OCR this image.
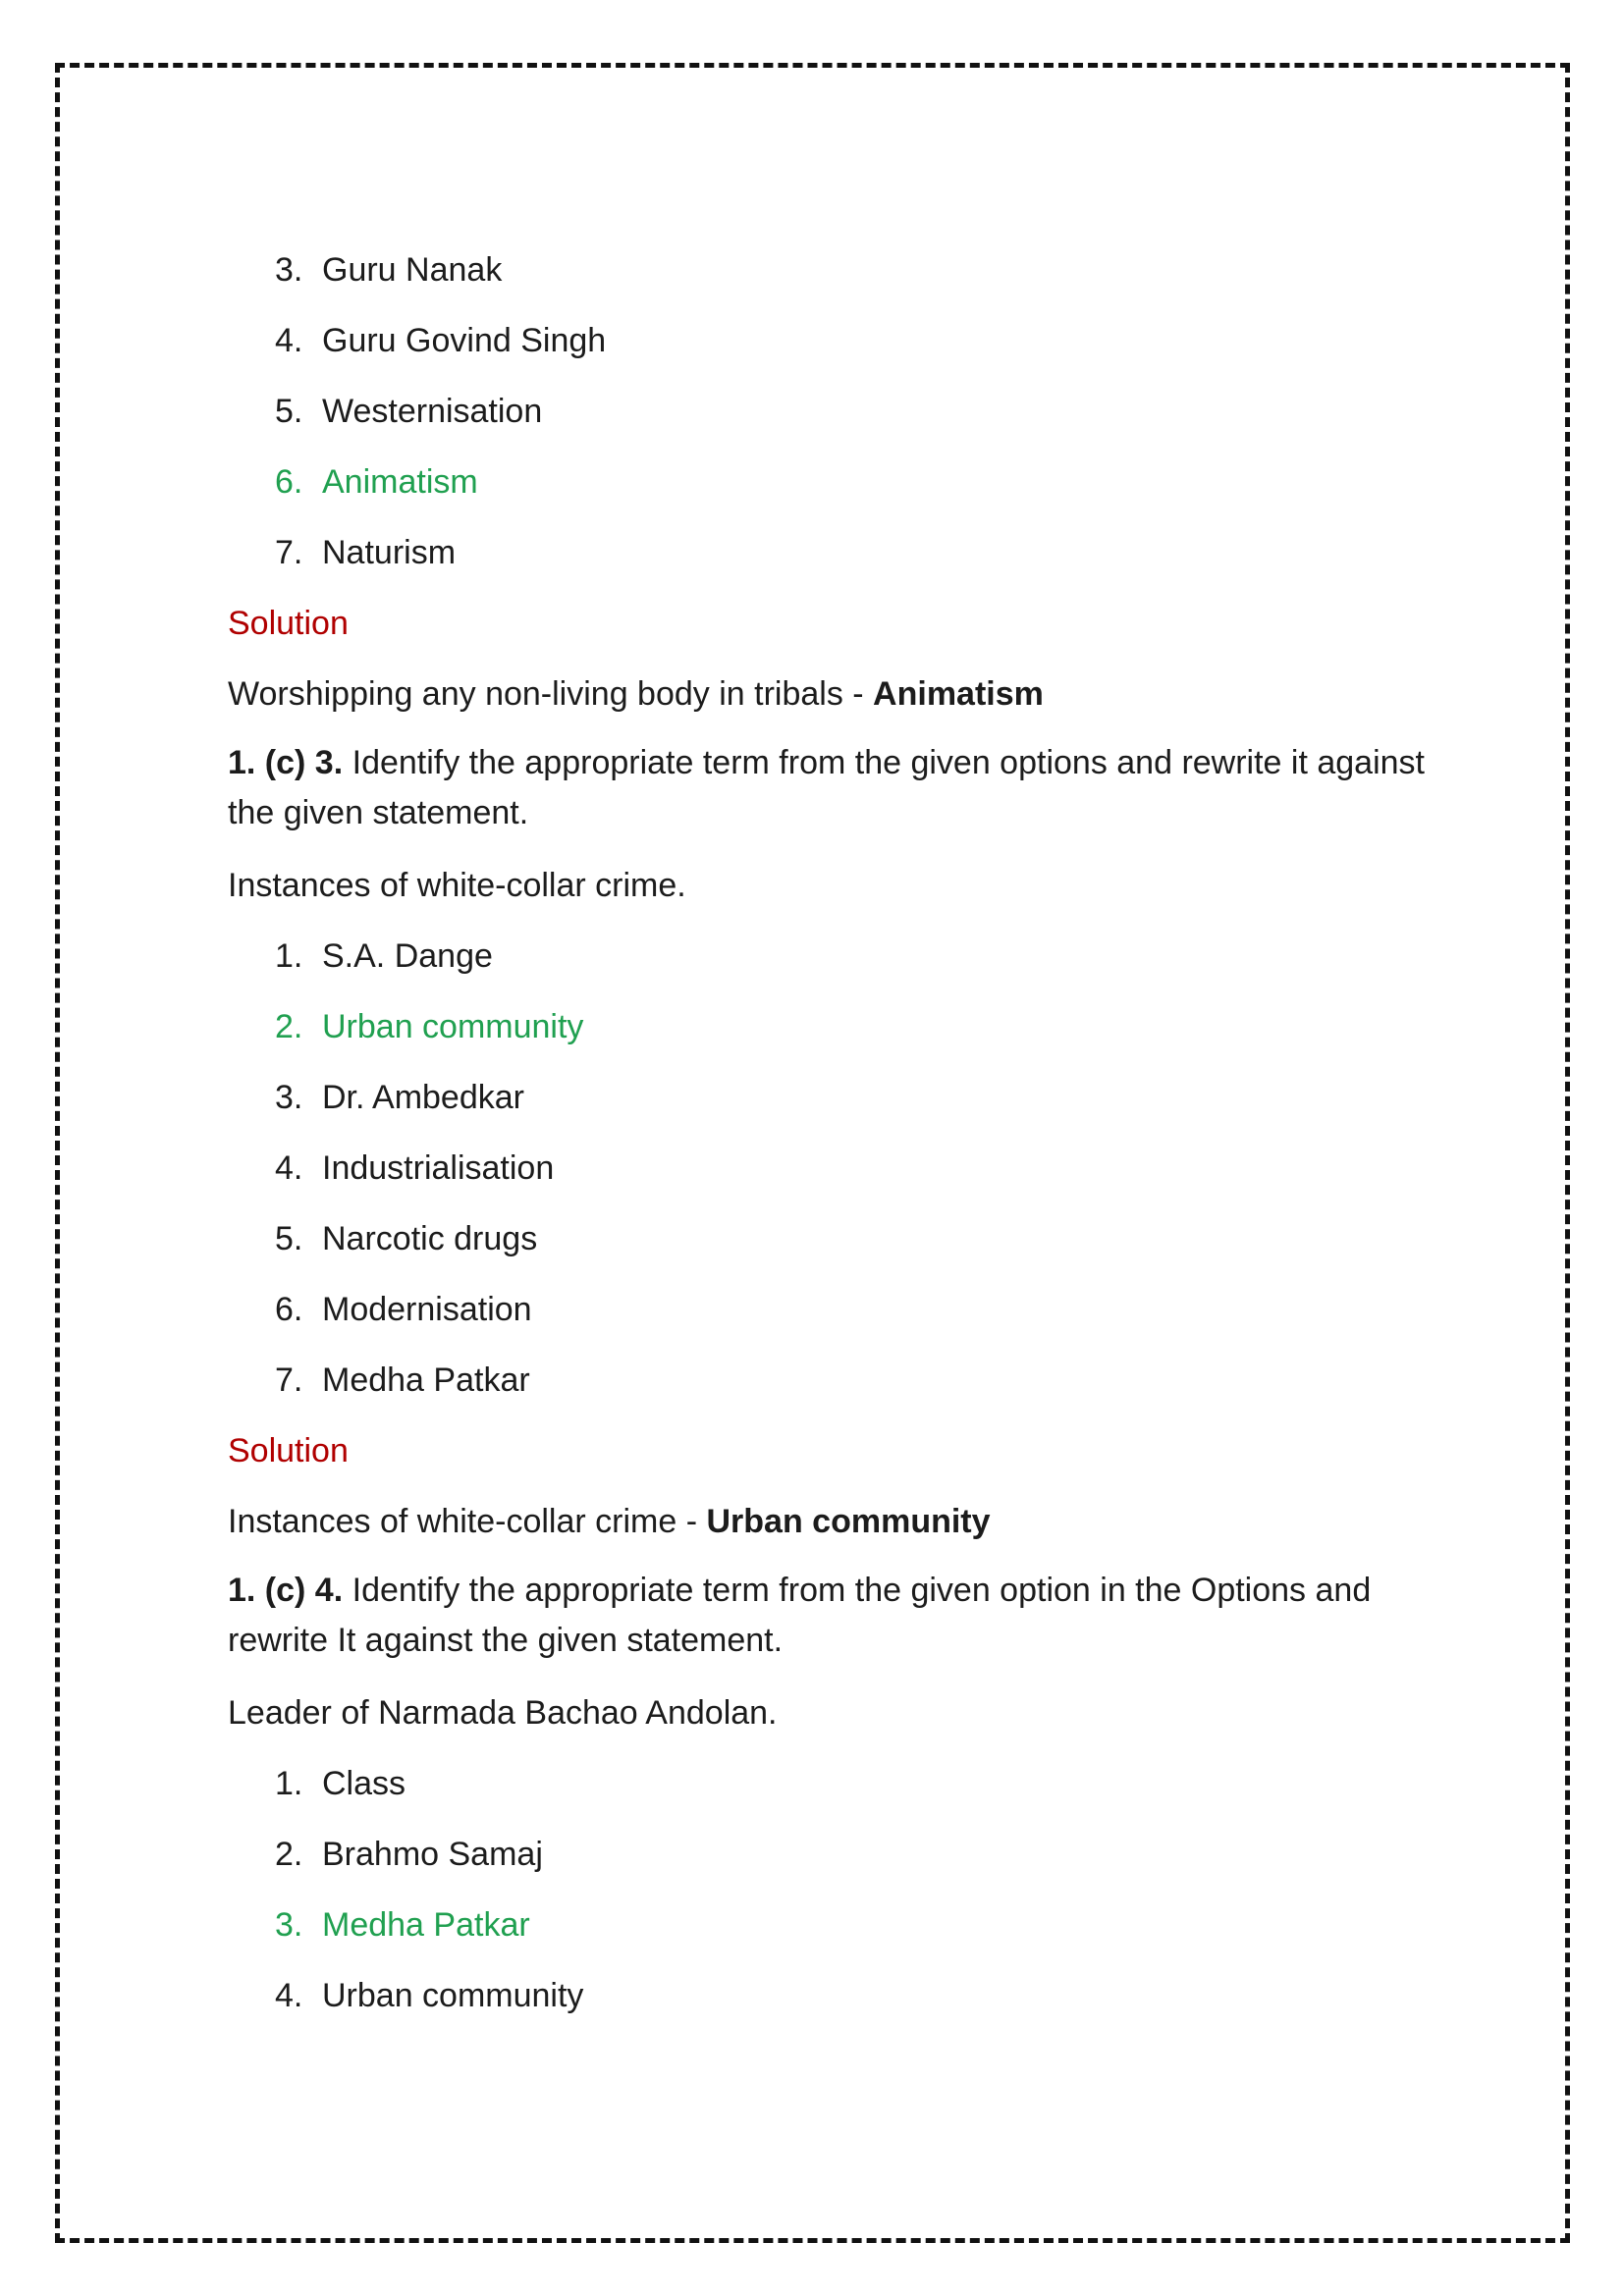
3. Guru Nanak
4. Guru Govind Singh
5. Westernisation
6. Animatism
7. Naturism
Solution
Worshipping any non-living body in tribals - Animatism

1. (c) 3. Identify the appropriate term from the given options and rewrite it against the given statement.

Instances of white-collar crime.
1. S.A. Dange
2. Urban community
3. Dr. Ambedkar
4. Industrialisation
5. Narcotic drugs
6. Modernisation
7. Medha Patkar
Solution
Instances of white-collar crime - Urban community

1. (c) 4. Identify the appropriate term from the given option in the Options and rewrite It against the given statement.

Leader of Narmada Bachao Andolan.
1. Class
2. Brahmo Samaj
3. Medha Patkar
4. Urban community
